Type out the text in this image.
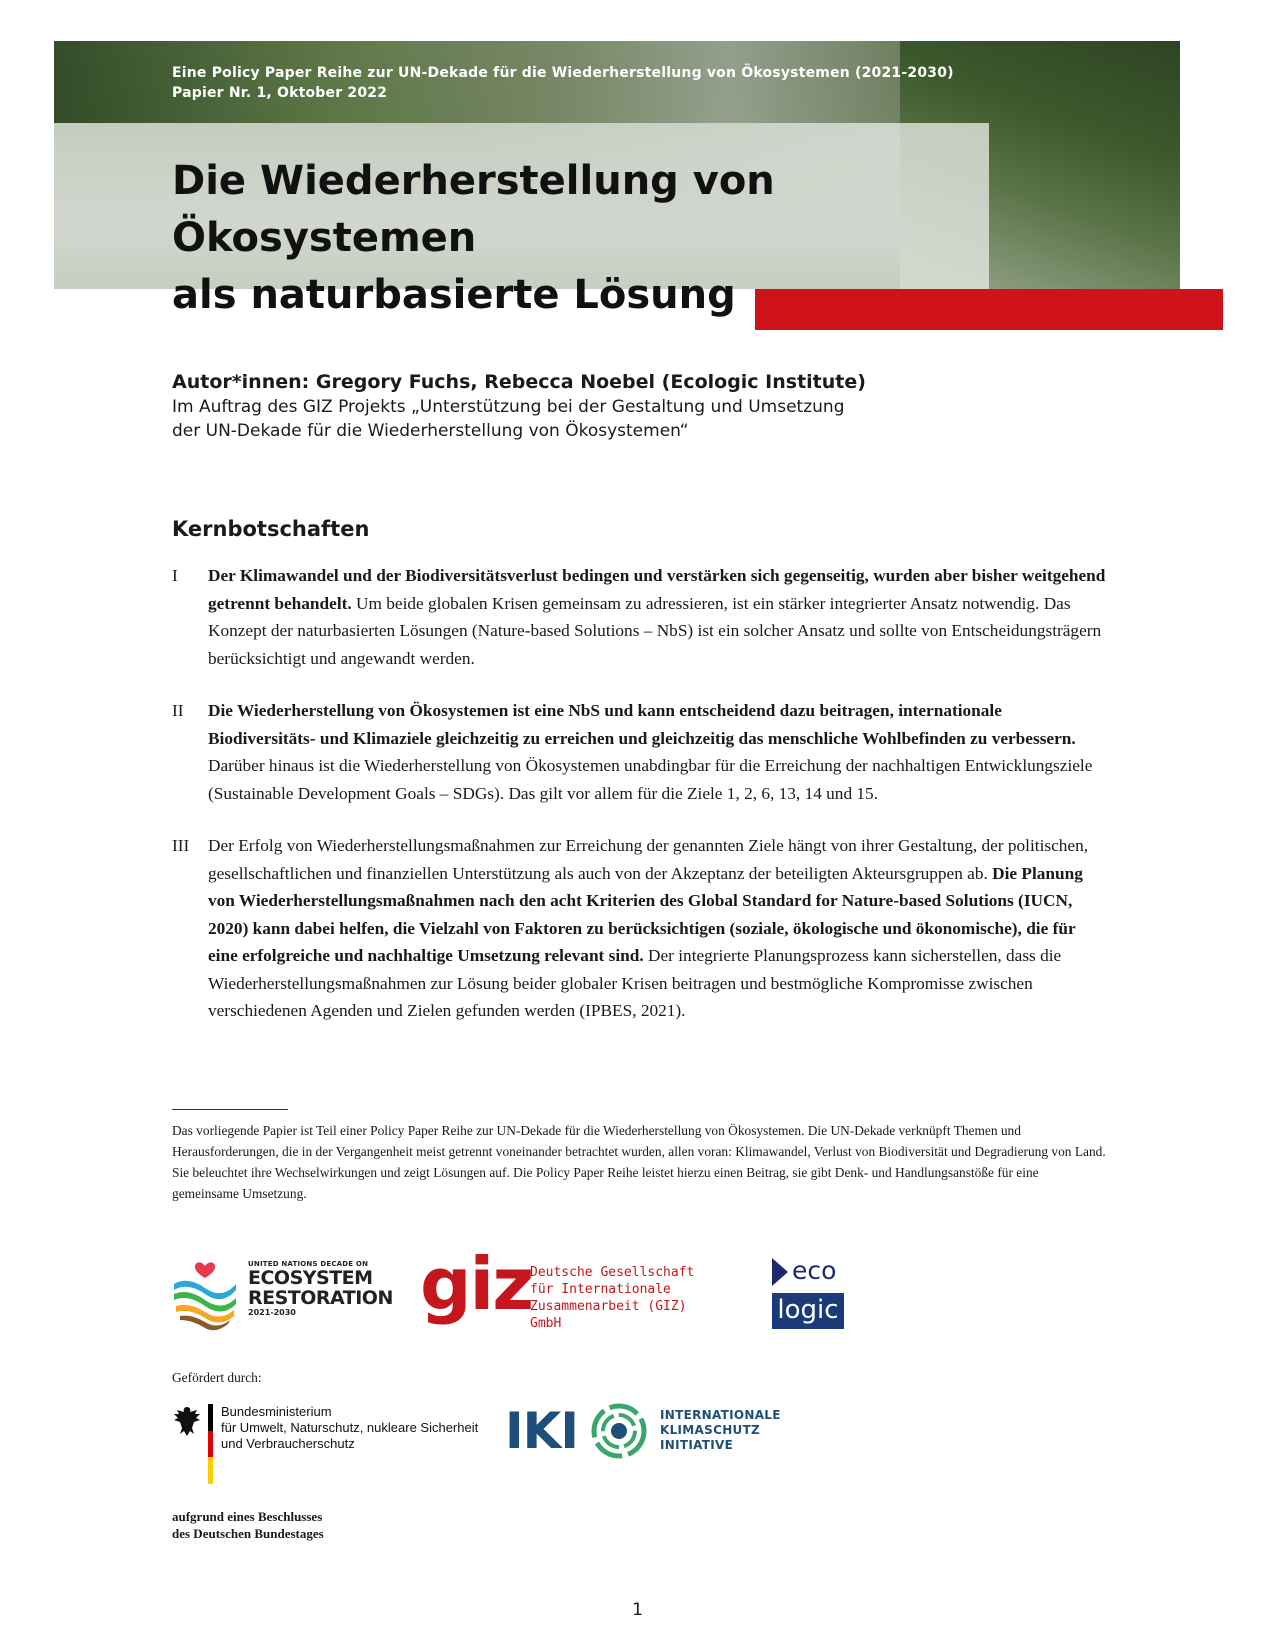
Eine Policy Paper Reihe zur UN-Dekade für die Wiederherstellung von Ökosystemen (2021-2030)
Papier Nr. 1, Oktober 2022
Die Wiederherstellung von Ökosystemen
als naturbasierte Lösung
Autor*innen: Gregory Fuchs, Rebecca Noebel (Ecologic Institute)
Im Auftrag des GIZ Projekts „Unterstützung bei der Gestaltung und Umsetzung
der UN-Dekade für die Wiederherstellung von Ökosystemen“
Kernbotschaften
I	Der Klimawandel und der Biodiversitätsverlust bedingen und verstärken sich gegenseitig, wurden aber bisher weitgehend getrennt behandelt. Um beide globalen Krisen gemeinsam zu adressieren, ist ein stärker integrierter Ansatz notwendig. Das Konzept der naturbasierten Lösungen (Nature-based Solutions – NbS) ist ein solcher Ansatz und sollte von Entscheidungsträgern berücksichtigt und angewandt werden.
II	Die Wiederherstellung von Ökosystemen ist eine NbS und kann entscheidend dazu beitragen, internationale Biodiversitäts- und Klimaziele gleichzeitig zu erreichen und gleichzeitig das menschliche Wohlbefinden zu verbessern. Darüber hinaus ist die Wiederherstellung von Ökosystemen unabdingbar für die Erreichung der nachhaltigen Entwicklungsziele (Sustainable Development Goals – SDGs). Das gilt vor allem für die Ziele 1, 2, 6, 13, 14 und 15.
III	Der Erfolg von Wiederherstellungsmaßnahmen zur Erreichung der genannten Ziele hängt von ihrer Gestaltung, der politischen, gesellschaftlichen und finanziellen Unterstützung als auch von der Akzeptanz der beteiligten Akteursgruppen ab. Die Planung von Wiederherstellungsmaßnahmen nach den acht Kriterien des Global Standard for Nature-based Solutions (IUCN, 2020) kann dabei helfen, die Vielzahl von Faktoren zu berücksichtigen (soziale, ökologische und ökonomische), die für eine erfolgreiche und nachhaltige Umsetzung relevant sind. Der integrierte Planungsprozess kann sicherstellen, dass die Wiederherstellungsmaßnahmen zur Lösung beider globaler Krisen beitragen und bestmögliche Kompromisse zwischen verschiedenen Agenden und Zielen gefunden werden (IPBES, 2021).
Das vorliegende Papier ist Teil einer Policy Paper Reihe zur UN-Dekade für die Wiederherstellung von Ökosystemen. Die UN-Dekade verknüpft Themen und Herausforderungen, die in der Vergangenheit meist getrennt voneinander betrachtet wurden, allen voran: Klimawandel, Verlust von Biodiversität und Degradierung von Land. Sie beleuchtet ihre Wechselwirkungen und zeigt Lösungen auf. Die Policy Paper Reihe leistet hierzu einen Beitrag, sie gibt Denk- und Handlungsanstöße für eine gemeinsame Umsetzung.
UNITED NATIONS DECADE ON
ECOSYSTEM
RESTORATION
2021-2030	giz
Deutsche Gesellschaft
für Internationale
Zusammenarbeit (GIZ) GmbH
eco
logic
Gefördert durch:
Bundesministerium
für Umwelt, Naturschutz, nukleare Sicherheit
und Verbraucherschutz	IKI	INTERNATIONALE
KLIMASCHUTZ
INITIATIVE
aufgrund eines Beschlusses
des Deutschen Bundestages
1
